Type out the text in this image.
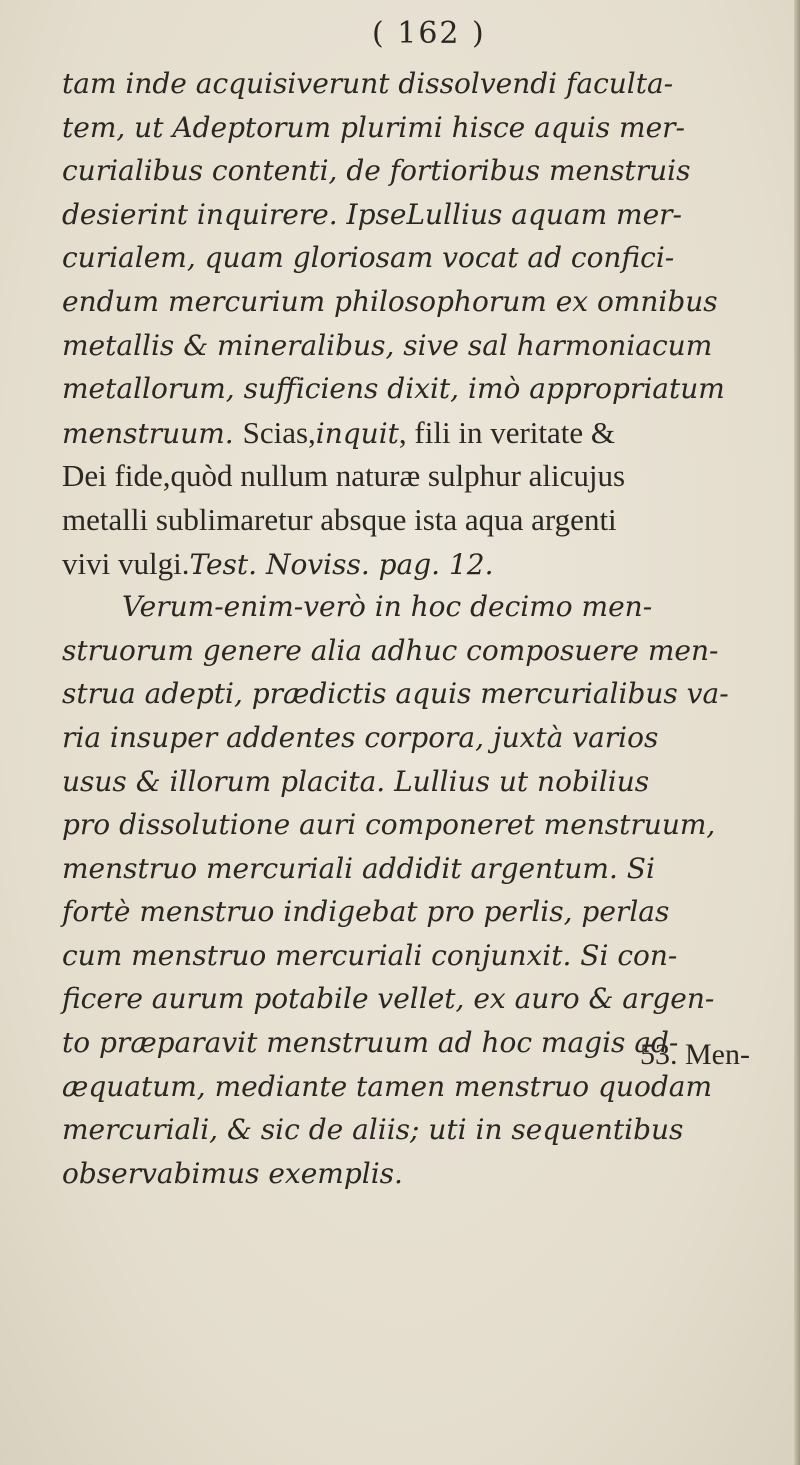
( 162 )
tam inde acquisiverunt dissolvendi faculta-
tem, ut Adeptorum plurimi hisce aquis mer-
curialibus contenti, de fortioribus menstruis
desierint inquirere. IpseLullius aquam mer-
curialem, quam gloriosam vocat ad confici-
endum mercurium philosophorum ex omnibus
metallis & mineralibus, sive sal harmoniacum
metallorum, sufficiens dixit, imò appropriatum
menstruum. Scias,inquit, fili in veritate &
Dei fide,quòd nullum naturæ sulphur alicujus
metalli sublimaretur absque ista aqua argenti
vivi vulgi.Test. Noviss. pag. 12.
Verum-enim-verò in hoc decimo men-
struorum genere alia adhuc composuere men-
strua adepti, prædictis aquis mercurialibus va-
ria insuper addentes corpora, juxtà varios
usus & illorum placita. Lullius ut nobilius
pro dissolutione auri componeret menstruum,
menstruo mercuriali addidit argentum. Si
fortè menstruo indigebat pro perlis, perlas
cum menstruo mercuriali conjunxit. Si con-
ficere aurum potabile vellet, ex auro & argen-
to præparavit menstruum ad hoc magis ad-
æquatum, mediante tamen menstruo quodam
mercuriali, & sic de aliis; uti in sequentibus
observabimus exemplis.
53. Men-
